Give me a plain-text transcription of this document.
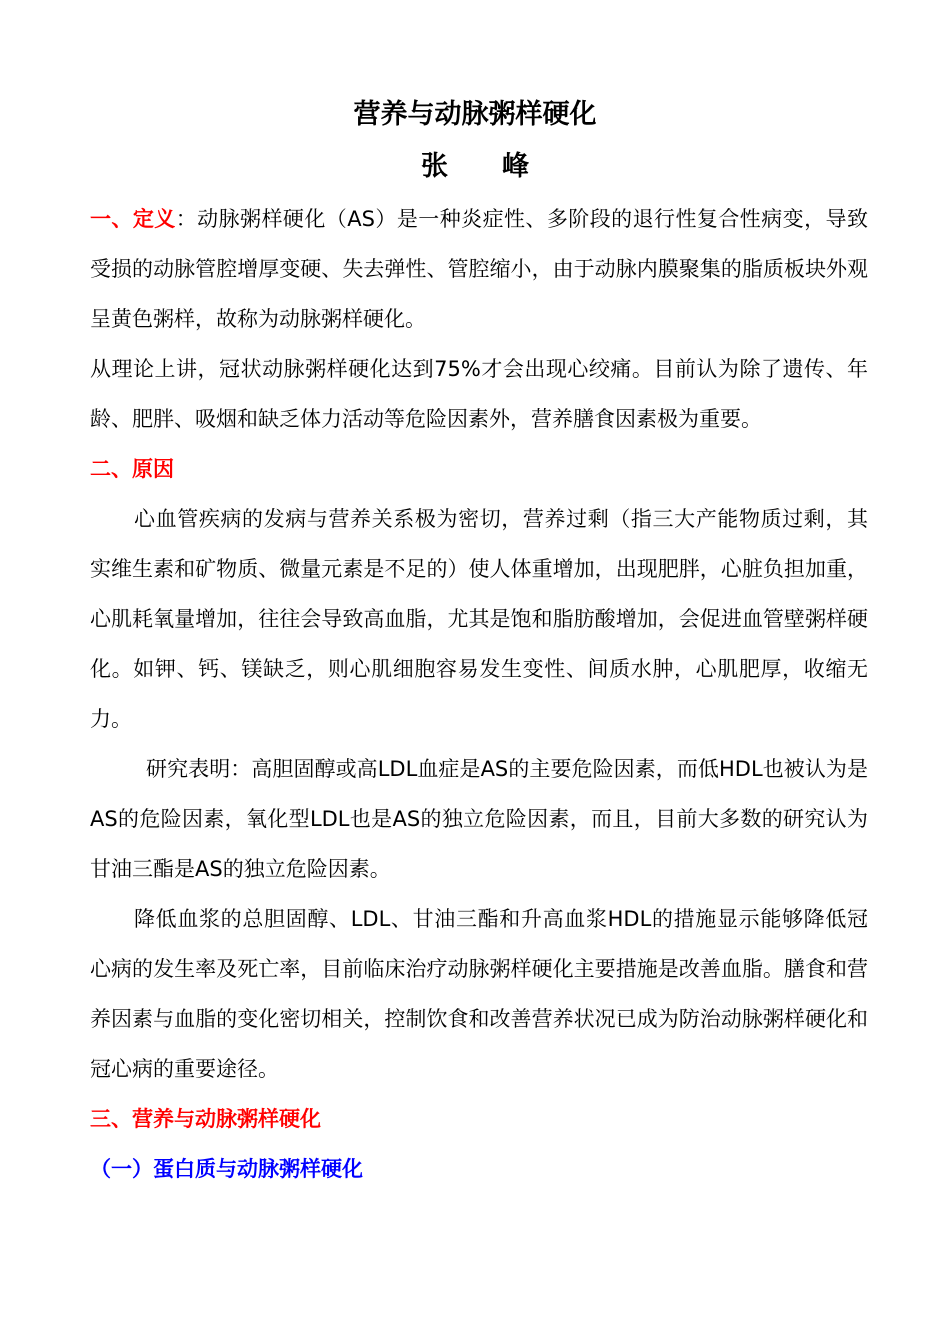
营养与动脉粥样硬化
张 峰

一、定义：动脉粥样硬化（AS）是一种炎症性、多阶段的退行性复合性病变，导致受损的动脉管腔增厚变硬、失去弹性、管腔缩小，由于动脉内膜聚集的脂质板块外观呈黄色粥样，故称为动脉粥样硬化。

从理论上讲，冠状动脉粥样硬化达到75%才会出现心绞痛。目前认为除了遗传、年龄、肥胖、吸烟和缺乏体力活动等危险因素外，营养膳食因素极为重要。

二、原因

心血管疾病的发病与营养关系极为密切，营养过剩（指三大产能物质过剩，其实维生素和矿物质、微量元素是不足的）使人体重增加，出现肥胖，心脏负担加重，心肌耗氧量增加，往往会导致高血脂，尤其是饱和脂肪酸增加，会促进血管壁粥样硬化。如钾、钙、镁缺乏，则心肌细胞容易发生变性、间质水肿，心肌肥厚，收缩无力。

研究表明：高胆固醇或高LDL血症是AS的主要危险因素，而低HDL也被认为是AS的危险因素，氧化型LDL也是AS的独立危险因素，而且，目前大多数的研究认为甘油三酯是AS的独立危险因素。

降低血浆的总胆固醇、LDL、甘油三酯和升高血浆HDL的措施显示能够降低冠心病的发生率及死亡率，目前临床治疗动脉粥样硬化主要措施是改善血脂。膳食和营养因素与血脂的变化密切相关，控制饮食和改善营养状况已成为防治动脉粥样硬化和冠心病的重要途径。

三、营养与动脉粥样硬化

（一）蛋白质与动脉粥样硬化
